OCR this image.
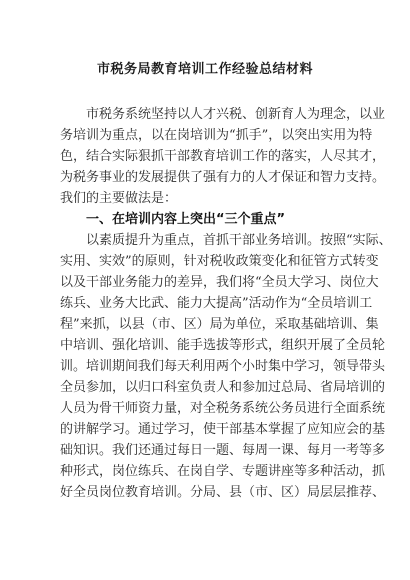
市税务局教育培训工作经验总结材料
市税务系统坚持以人才兴税、创新育人为理念，以业
务培训为重点，以在岗培训为“抓手”，以突出实用为特
色，结合实际狠抓干部教育培训工作的落实，人尽其才，
为税务事业的发展提供了强有力的人才保证和智力支持。
我们的主要做法是：
一、在培训内容上突出“三个重点”
以素质提升为重点，首抓干部业务培训。按照“实际、
实用、实效”的原则，针对税收政策变化和征管方式转变
以及干部业务能力的差异，我们将“全员大学习、岗位大
练兵、业务大比武、能力大提高”活动作为“全员培训工
程”来抓，以县（市、区）局为单位，采取基础培训、集
中培训、强化培训、能手选拔等形式，组织开展了全员轮
训。培训期间我们每天利用两个小时集中学习，领导带头
全员参加，以归口科室负责人和参加过总局、省局培训的
人员为骨干师资力量，对全税务系统公务员进行全面系统
的讲解学习。通过学习，使干部基本掌握了应知应会的基
础知识。我们还通过每日一题、每周一课、每月一考等多
种形式，岗位练兵、在岗自学、专题讲座等多种活动，抓
好全员岗位教育培训。分局、县（市、区）局层层推荐、
